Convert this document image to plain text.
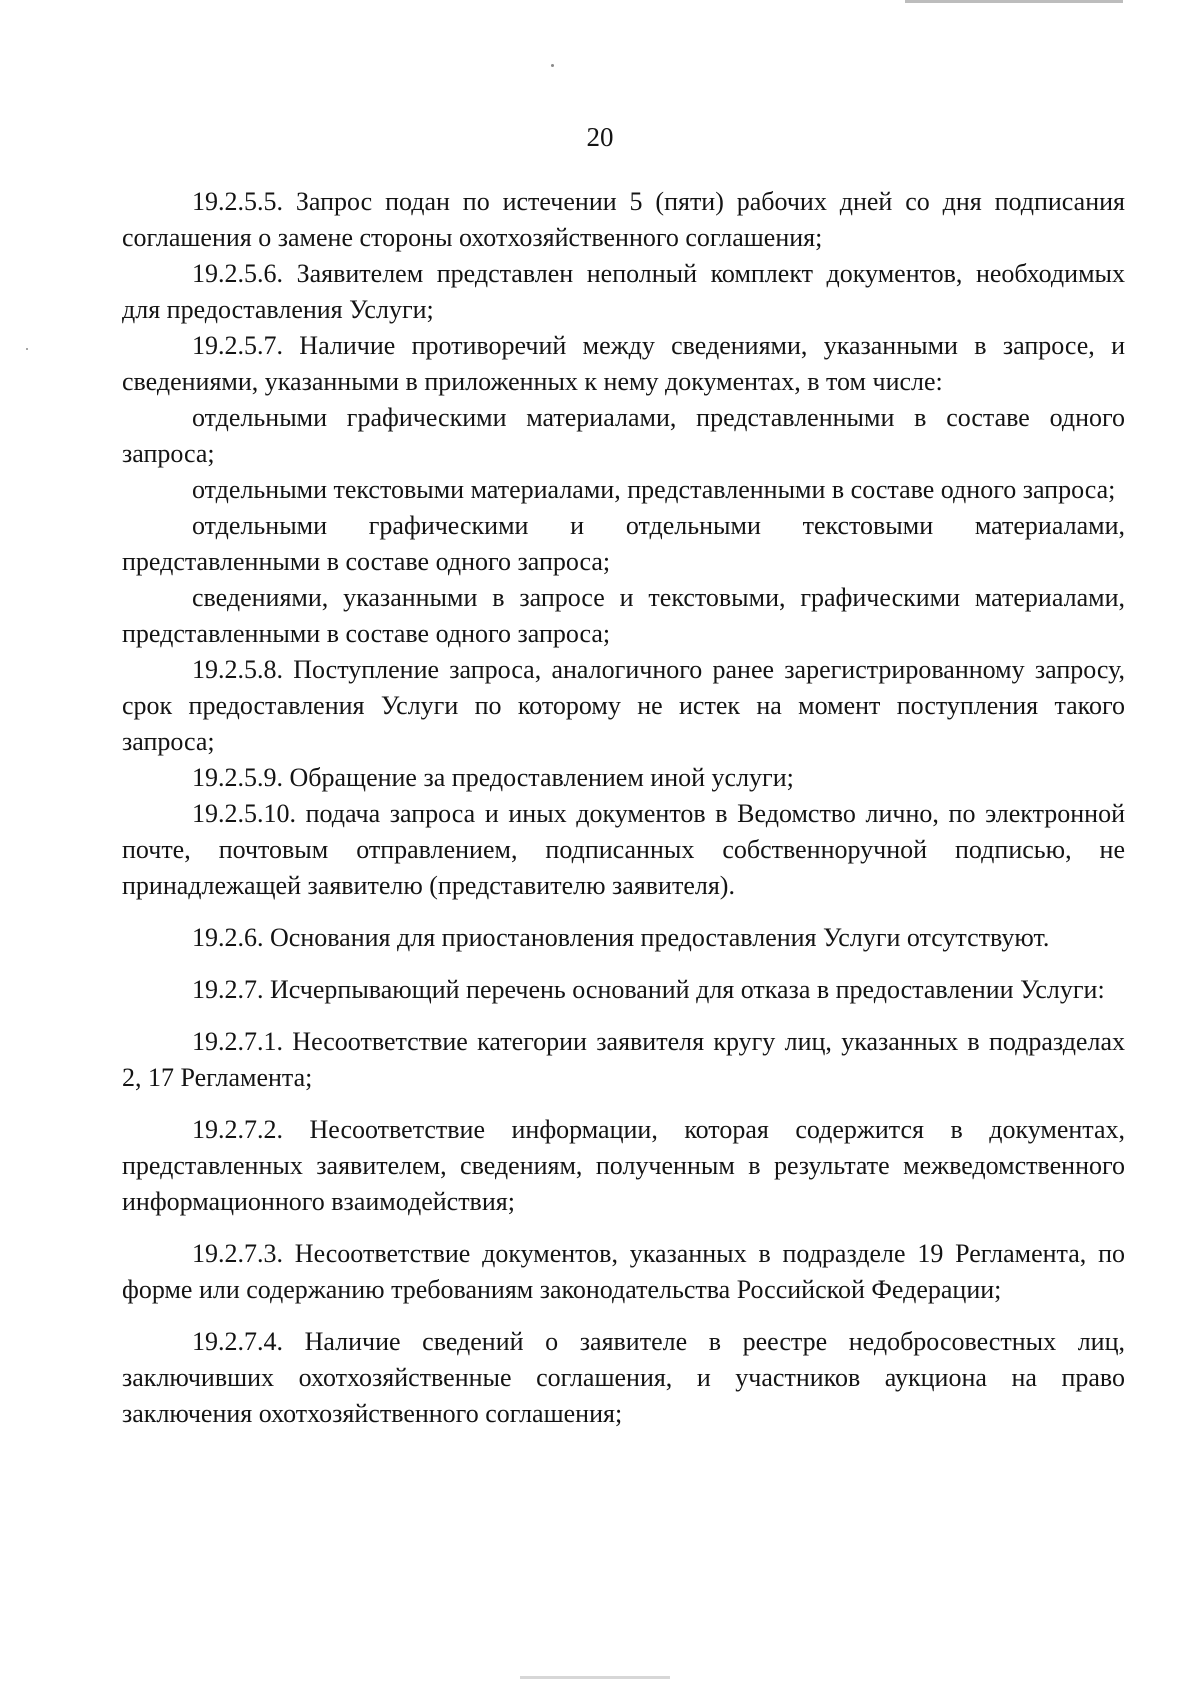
20

19.2.5.5. Запрос подан по истечении 5 (пяти) рабочих дней со дня подписания соглашения о замене стороны охотхозяйственного соглашения;

19.2.5.6. Заявителем представлен неполный комплект документов, необходимых для предоставления Услуги;

19.2.5.7. Наличие противоречий между сведениями, указанными в запросе, и сведениями, указанными в приложенных к нему документах, в том числе:

отдельными графическими материалами, представленными в составе одного запроса;

отдельными текстовыми материалами, представленными в составе одного запроса;

отдельными графическими и отдельными текстовыми материалами, представленными в составе одного запроса;

сведениями, указанными в запросе и текстовыми, графическими материалами, представленными в составе одного запроса;

19.2.5.8. Поступление запроса, аналогичного ранее зарегистрированному запросу, срок предоставления Услуги по которому не истек на момент поступления такого запроса;

19.2.5.9. Обращение за предоставлением иной услуги;

19.2.5.10. подача запроса и иных документов в Ведомство лично, по электронной почте, почтовым отправлением, подписанных собственноручной подписью, не принадлежащей заявителю (представителю заявителя).

19.2.6. Основания для приостановления предоставления Услуги отсутствуют.

19.2.7. Исчерпывающий перечень оснований для отказа в предоставлении Услуги:

19.2.7.1. Несоответствие категории заявителя кругу лиц, указанных в подразделах 2, 17 Регламента;

19.2.7.2. Несоответствие информации, которая содержится в документах, представленных заявителем, сведениям, полученным в результате межведомственного информационного взаимодействия;

19.2.7.3. Несоответствие документов, указанных в подразделе 19 Регламента, по форме или содержанию требованиям законодательства Российской Федерации;

19.2.7.4. Наличие сведений о заявителе в реестре недобросовестных лиц, заключивших охотхозяйственные соглашения, и участников аукциона на право заключения охотхозяйственного соглашения;
